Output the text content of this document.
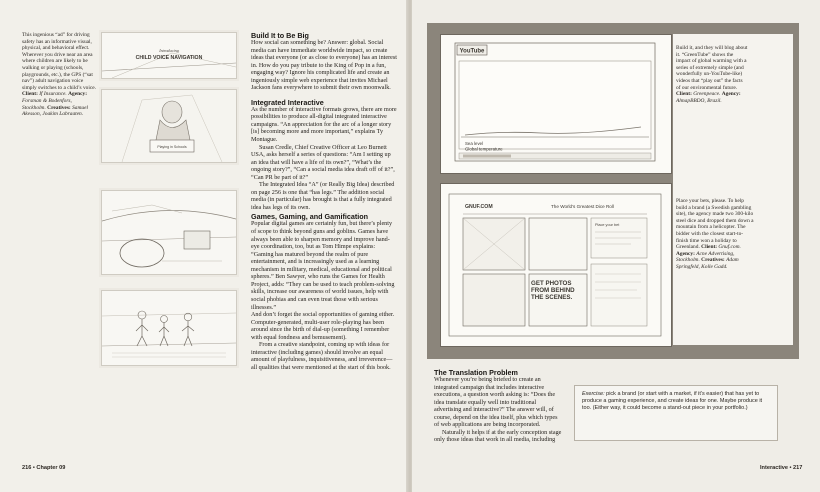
This ingenious “ad” for driving safety has an informative visual, physical, and behavioral effect. Wherever you drive near an area where children are likely to be walking or playing (schools, playgrounds, etc.), the GPS (“sat nav”) adult navigation voice simply switches to a child’s voice. Client: If Insurance. Agency: Forsman & Bodenfors, Stockholm. Creatives: Samuel Akesson, Joakim Labraaten.
Introducing
CHILD VOICE NAVIGATION
Playing in Schools
Build It to Be Big

How social can something be? Answer: global. Social media can have immediate worldwide impact, so create ideas that everyone (or as close to everyone) has an interest in. How do you pay tribute to the King of Pop in a fun, engaging way? Ignore his complicated life and create an ingeniously simple web experience that invites Michael Jackson fans everywhere to submit their own moonwalk.

Integrated Interactive

As the number of interactive formats grows, there are more possibilities to produce all-digital integrated interactive campaigns. “An appreciation for the arc of a longer story [is] becoming more and more important,” explains Ty Montague.

Susan Credle, Chief Creative Officer at Leo Burnett USA, asks herself a series of questions: “Am I setting up an idea that will have a life of its own?”, “What’s the ongoing story?”, “Can a social media idea draft off of it?”, “Can PR be part of it?”

The Integrated Idea “A” (or Really Big Idea) described on page 256 is one that “has legs.” The addition social media (in particular) has brought is that a fully integrated idea has legs of its own.

Games, Gaming, and Gamification

Popular digital games are certainly fun, but there’s plenty of scope to think beyond guns and goblins. Games have always been able to sharpen memory and improve hand-eye coordination, too, but as Tom Himpe explains: “Gaming has matured beyond the realm of pure entertainment, and is increasingly used as a learning mechanism in military, medical, educational and political spheres.” Ben Sawyer, who runs the Games for Health Project, adds: “They can be used to teach problem-solving skills, increase our awareness of world issues, help with social phobias and can even treat those with serious illnesses.”

And don’t forget the social opportunities of gaming either. Computer-generated, multi-user role-playing has been around since the birth of dial-up (something I remember with equal fondness and bemusement).

From a creative standpoint, coming up with ideas for interactive (including games) should involve an equal amount of playfulness, inquisitiveness, and irreverence—all qualities that were mentioned at the start of this book.

216 • Chapter 09
YouTube
Sea level
Global temperature
Build it, and they will blog about it. “GreenTube” shows the impact of global warming with a series of extremely simple (and wonderfully un-YouTube-like) videos that “play out” the facts of our environmental future. Client: Greenpeace. Agency: AlmapBBDO, Brazil.
GNUF.COM	The World’s Greatest Dice Roll
Place your bet
GET PHOTOS FROM BEHIND THE SCENES.
Place your bets, please. To help build a brand (a Swedish gambling site), the agency made two 300-kilo steel dice and dropped them down a mountain from a helicopter. The bidder with the closest start-to-finish time won a holiday to Greenland. Client: Gnuf.com. Agency: Acne Advertising, Stockholm. Creatives: Adam Springfeld, Kolle Gadd.
The Translation Problem

Whenever you’re being briefed to create an integrated campaign that includes interactive executions, a question worth asking is: “Does the idea translate equally well into traditional advertising and interactive?” The answer will, of course, depend on the idea itself, plus which types of web applications are being incorporated.

Naturally it helps if at the early conception stage only those ideas that work in all media, including

Exercise: pick a brand (or start with a market, if it’s easier) that has yet to produce a gaming experience, and create ideas for one. Maybe produce it too. (Either way, it could become a stand-out piece in your portfolio.)
Interactive • 217
